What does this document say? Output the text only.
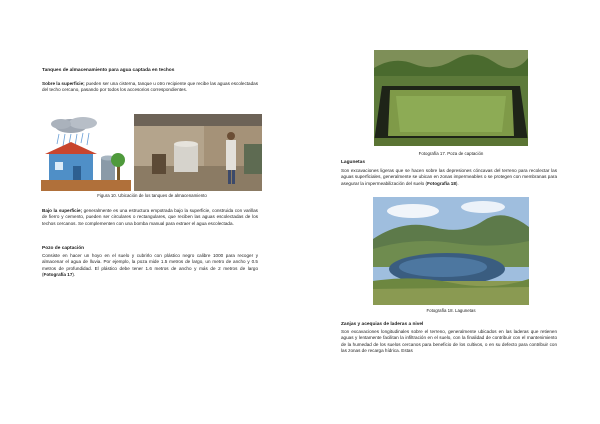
Tanques de almacenamiento para agua captada en techos
Sobre la superficie; pueden ser una cisterna, tanque u otro recipiente que recibe las aguas escolectadas del techo cercano, pasando por todos los accesorios correspondientes.
Figura 10. Ubicación de los tanques de almacenamiento
Bajo la superficie; generalmente es una estructura empotrada bajo la superficie, construida con varillas de fierro y cemento, pueden ser circulares o rectangulares, que reciben las aguas escolectadas de los techos cercanos. Se complementen con una bomba manual para extraer el agua escolectada.
Pozo de captación
Consiste en hacer un hoyo en el suelo y cubrirlo con plástico negro calibre 1000 para recoger y almacenar el agua de lluvia. Por ejemplo, la poza mide 1.5 metros de largo, un metro de ancho y 0.5 metros de profundidad. El plástico debe tener 1.6 metros de ancho y más de 2 metros de largo (Fotografía 17).
Fotografía 17. Poza de captación
Lagunetas
Son excavaciones ligeras que se hacen sobre las depresiones cóncavas del terreno para recolectar las aguas superficiales, generalmente se ubican en zonas impermeables o se protegen con membranas para asegurar la impermeabilización del suelo (Fotografía 18).
Fotografía 18. Lagunetas
Zanjas y acequias de laderas a nivel
Son excavaciones longitudinales sobre el terreno, generalmente ubicados en las laderas que retienen aguas y lentamente facilitan la infiltración en el suelo, con la finalidad de contribuir con el mantenimiento de la humedad de los suelos cercanos para beneficio de los cultivos, o en su defecto para contribuir con las zonas de recarga hídrica. Estas
